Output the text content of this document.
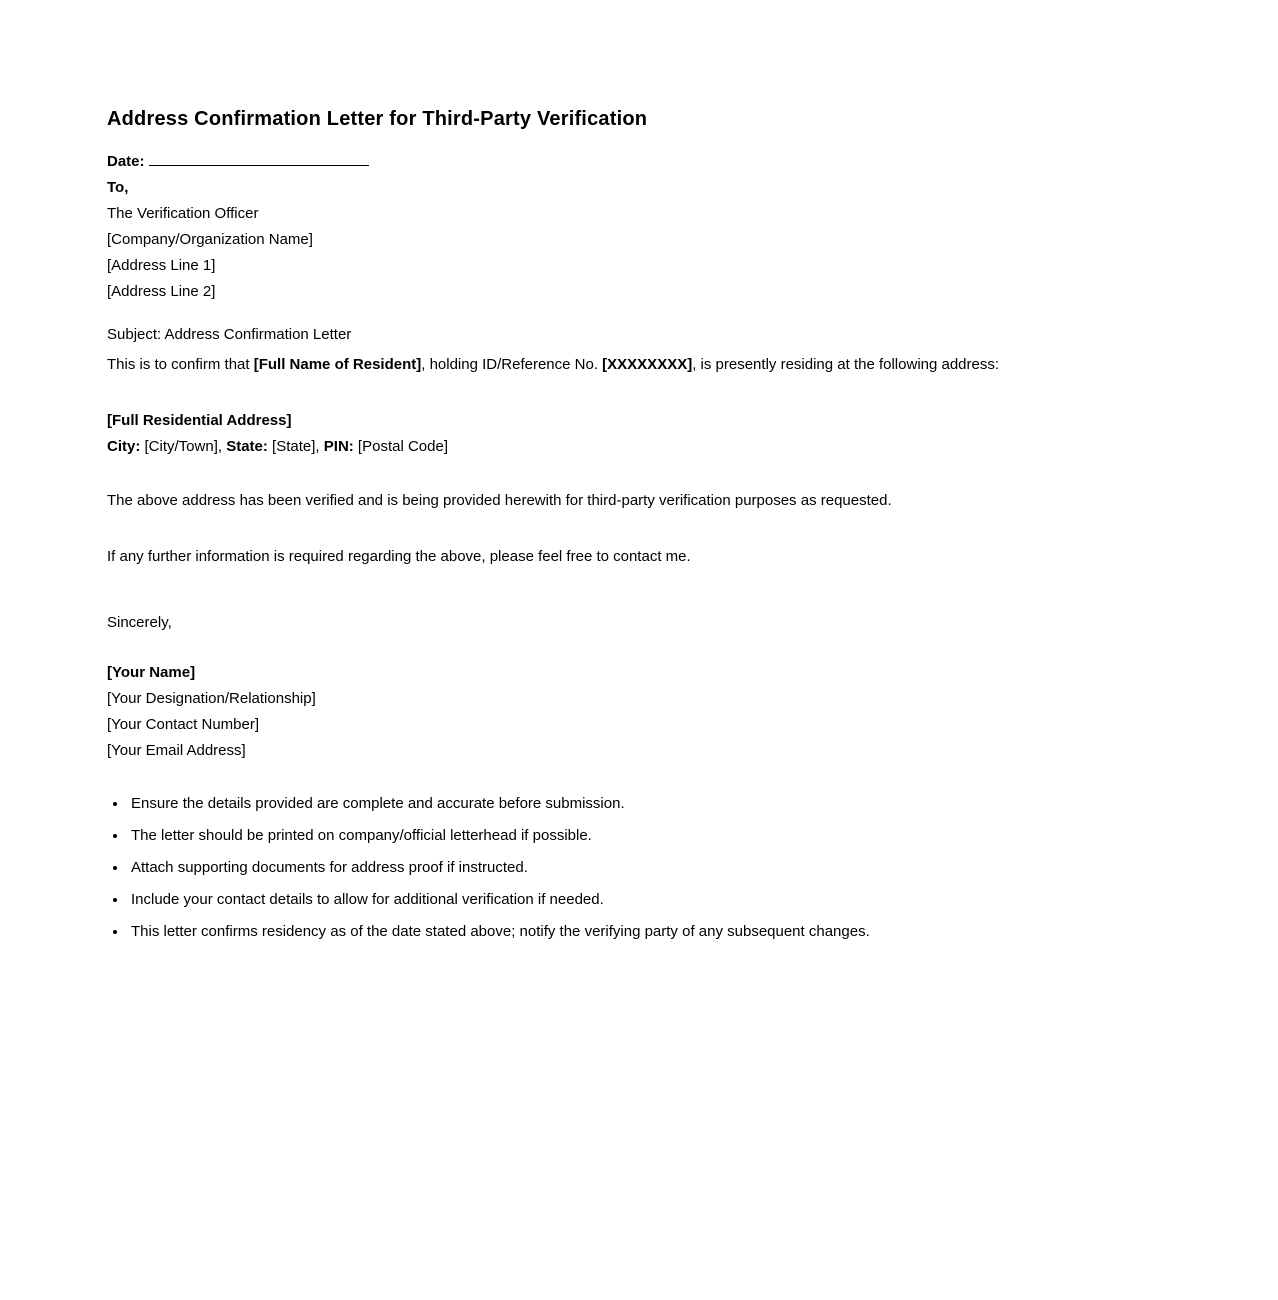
Address Confirmation Letter for Third-Party Verification
Date:
To,
The Verification Officer
[Company/Organization Name]
[Address Line 1]
[Address Line 2]

Subject: Address Confirmation Letter

This is to confirm that [Full Name of Resident], holding ID/Reference No. [XXXXXXXX], is presently residing at the following address:

[Full Residential Address]
City: [City/Town], State: [State], PIN: [Postal Code]

The above address has been verified and is being provided herewith for third-party verification purposes as requested.

If any further information is required regarding the above, please feel free to contact me.

Sincerely,

[Your Name]
[Your Designation/Relationship]
[Your Contact Number]
[Your Email Address]
• Ensure the details provided are complete and accurate before submission.
• The letter should be printed on company/official letterhead if possible.
• Attach supporting documents for address proof if instructed.
• Include your contact details to allow for additional verification if needed.
• This letter confirms residency as of the date stated above; notify the verifying party of any subsequent changes.
